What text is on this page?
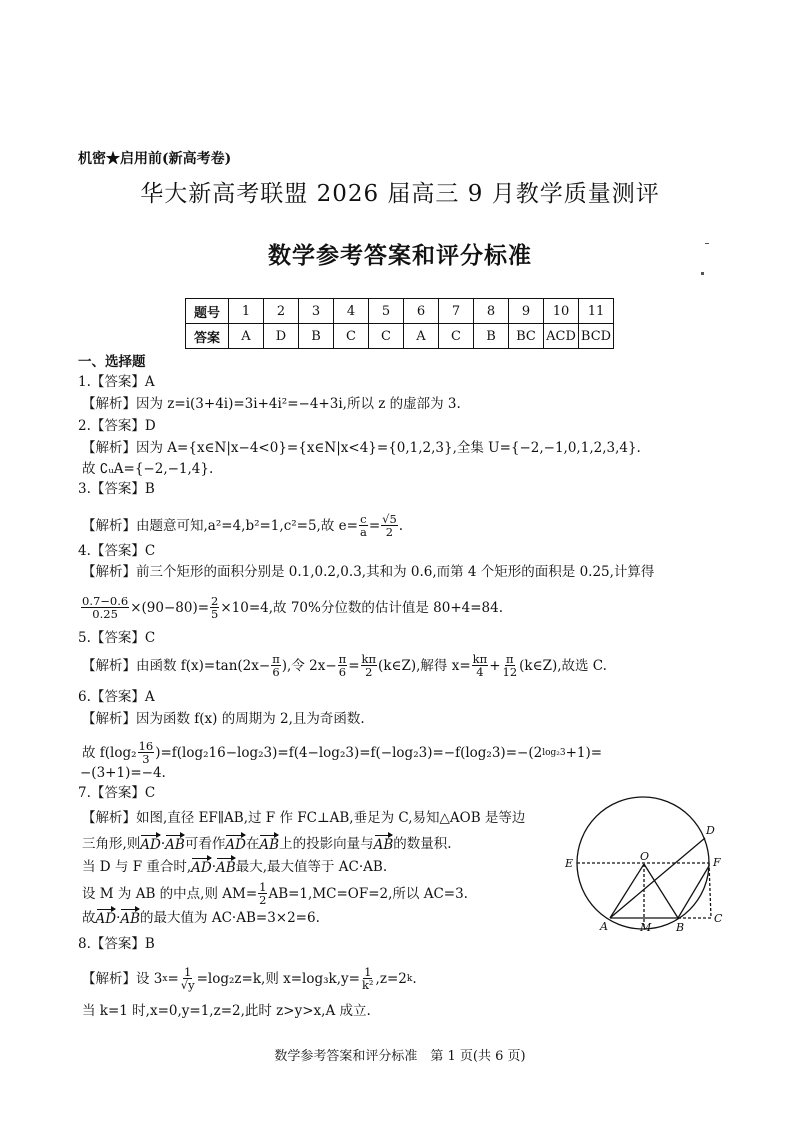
机密★启用前(新高考卷)
华大新高考联盟 2026 届高三 9 月教学质量测评
数学参考答案和评分标准
题号	1	2	3	4	5	6	7	8	9	10	11
答案	A	D	B	C	C	A	C	B	BC	ACD	BCD
一、选择题
1.【答案】A
【解析】因为 z=i(3+4i)=3i+4i²=−4+3i,所以 z 的虚部为 3.
2.【答案】D
【解析】因为 A={x∈N|x−4<0}={x∈N|x<4}={0,1,2,3},全集 U={−2,−1,0,1,2,3,4}.
故 ∁ᵤA={−2,−1,4}.
3.【答案】B
【解析】由题意可知,a²=4,b²=1,c²=5,故 $e= \frac{c}{a} = \frac{√5}{2}$ .
4.【答案】C
【解析】前三个矩形的面积分别是 0.1,0.2,0.3,其和为 0.6,而第 4 个矩形的面积是 0.25,计算得
$\frac{0.7-0.6}{0.25} \times(90-80)= \frac{2}{5} \times 10=4$,故 70%分位数的估计值是 80+4=84.
5.【答案】C
【解析】由函数 $f(x)=\tan(2x- \frac{\pi}{6}$ ),令 $2x- \frac{\pi}{6} = \frac{k\pi}{2}$ (k∈Z),解得 $x= \frac{k\pi}{4} + \frac{\pi}{12}$ (k∈Z),故选 C.
6.【答案】A
【解析】因为函数 f(x) 的周期为 2,且为奇函数.
故 $f(\log_2 \frac{16}{3} )=f(\log_216-\log_23)=f(4-\log_23)=f(-\log_23)=-f(\log_23)=-(2$ log₂3 +1)=
−(3+1)=−4.
7.【答案】C
【解析】如图,直径 EF∥AB,过 F 作 FC⊥AB,垂足为 C,易知△AOB 是等边
三角形,则 AD · AB 可看作 AD 在 AB 上的投影向量与 AB 的数量积.
当 D 与 F 重合时, AD · AB 最大,最大值等于 AC·AB.
设 M 为 AB 的中点,则 $AM= \frac{1}{2} AB=1,MC=OF=2$,所以 AC=3.
故 AD · AB 的最大值为 AC·AB=3×2=6.
8.【答案】B
【解析】设 3 $x = \frac{1}{√y} =\log_2z=k$,则 $x=\log_3k,y= \frac{1}{\text{k²}} ,z=2$ k .
当 k=1 时,x=0,y=1,z=2,此时 z>y>x,A 成立.
D
E	F
O
A	M B
C
数学参考答案和评分标准　第 1 页(共 6 页)
